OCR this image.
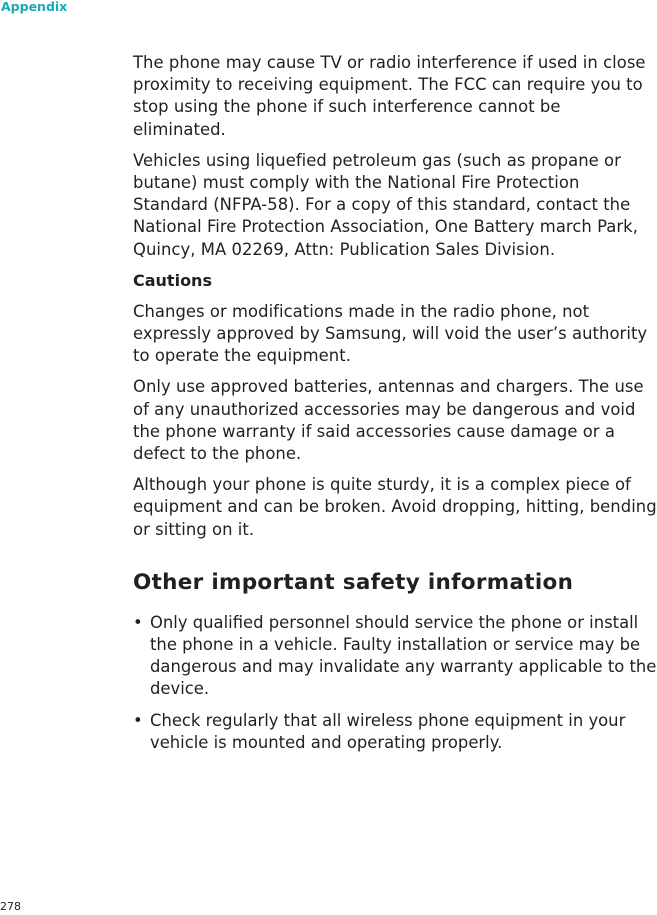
Appendix

The phone may cause TV or radio interference if used in close proximity to receiving equipment. The FCC can require you to stop using the phone if such interference cannot be eliminated.

Vehicles using liquefied petroleum gas (such as propane or butane) must comply with the National Fire Protection Standard (NFPA-58). For a copy of this standard, contact the National Fire Protection Association, One Battery march Park, Quincy, MA 02269, Attn: Publication Sales Division.

Cautions

Changes or modifications made in the radio phone, not expressly approved by Samsung, will void the user’s authority to operate the equipment.

Only use approved batteries, antennas and chargers. The use of any unauthorized accessories may be dangerous and void the phone warranty if said accessories cause damage or a defect to the phone.

Although your phone is quite sturdy, it is a complex piece of equipment and can be broken. Avoid dropping, hitting, bending or sitting on it.

Other important safety information
• Only qualified personnel should service the phone or install the phone in a vehicle. Faulty installation or service may be dangerous and may invalidate any warranty applicable to the device.
• Check regularly that all wireless phone equipment in your vehicle is mounted and operating properly.
278
